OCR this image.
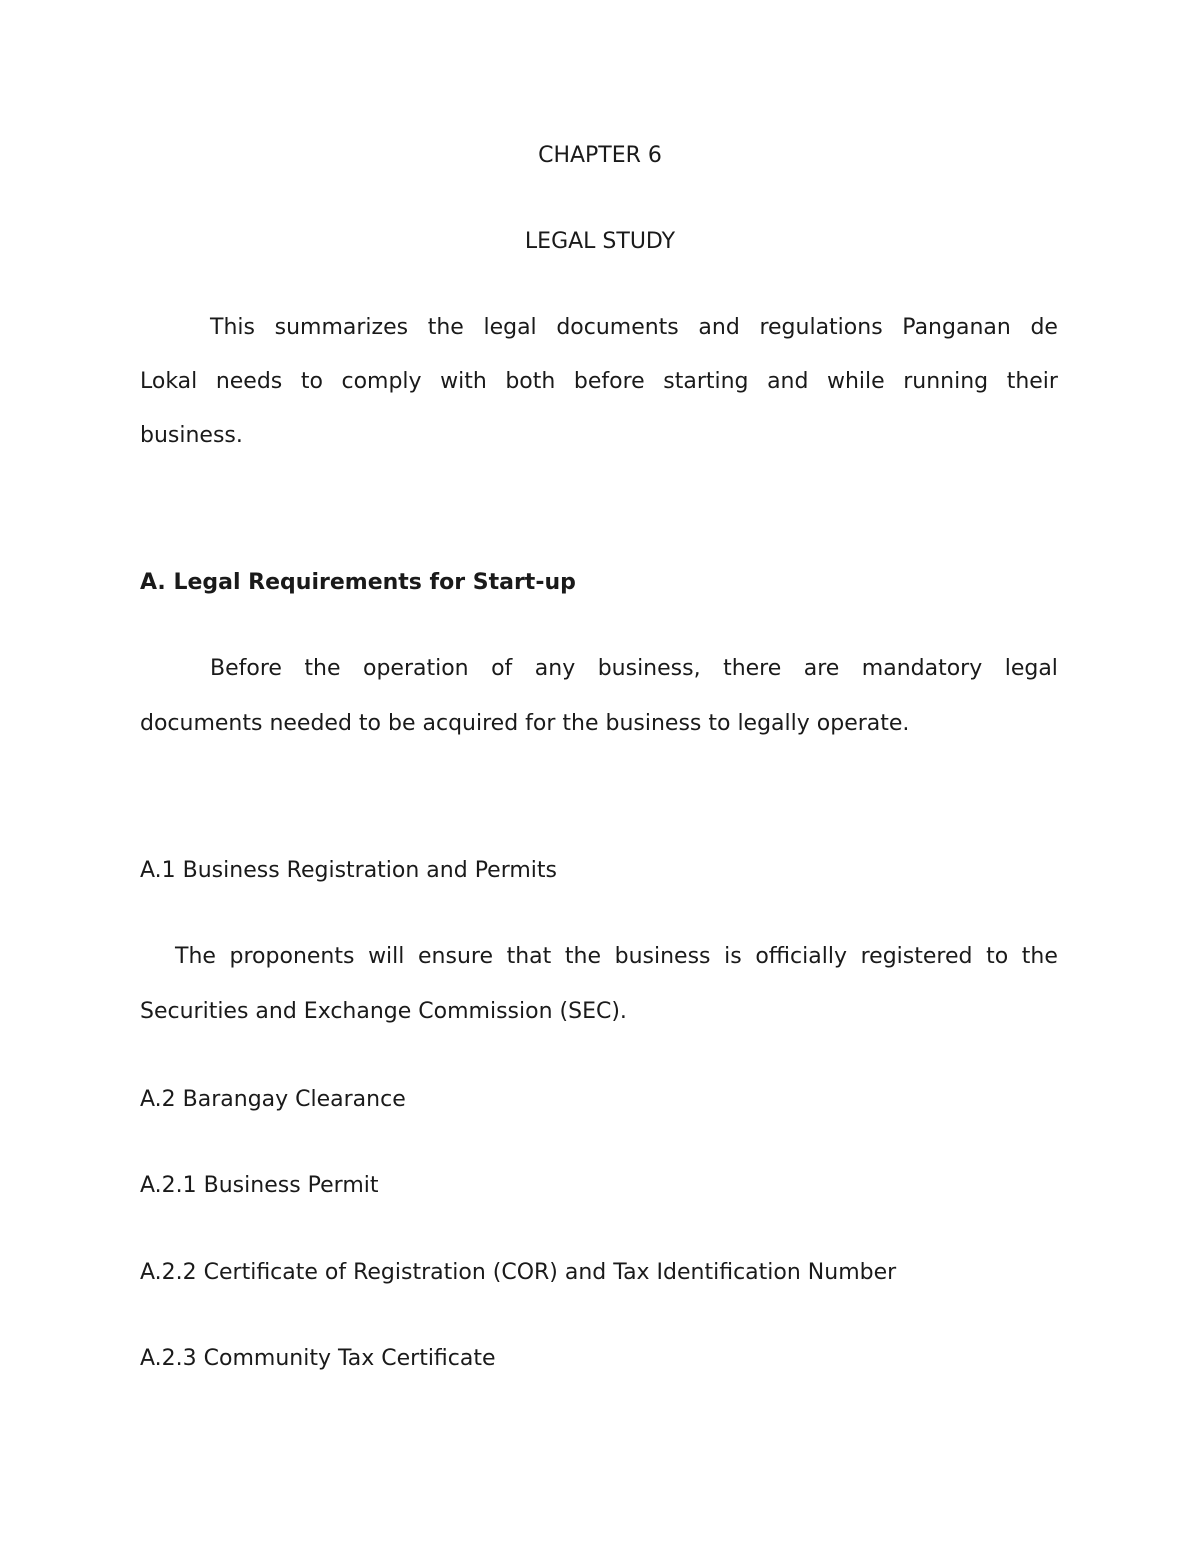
CHAPTER 6
LEGAL STUDY
This summarizes the legal documents and regulations Panganan de
Lokal needs to comply with both before starting and while running their
business.
A. Legal Requirements for Start-up
Before the operation of any business, there are mandatory legal
documents needed to be acquired for the business to legally operate.
A.1 Business Registration and Permits
The proponents will ensure that the business is officially registered to the
Securities and Exchange Commission (SEC).
A.2 Barangay Clearance
A.2.1 Business Permit
A.2.2 Certificate of Registration (COR) and Tax Identification Number
A.2.3 Community Tax Certificate
